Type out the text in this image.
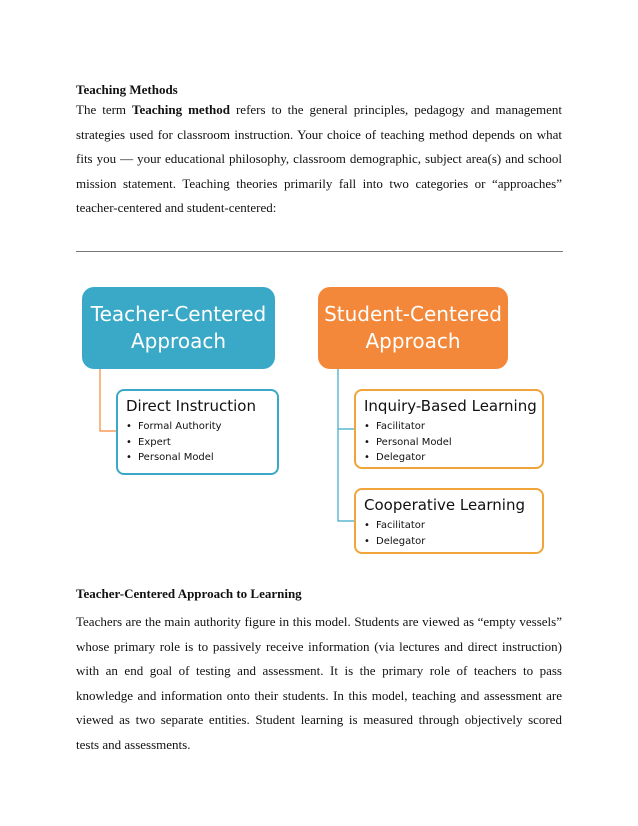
Teaching Methods

The term Teaching method refers to the general principles, pedagogy and management strategies used for classroom instruction. Your choice of teaching method depends on what fits you — your educational philosophy, classroom demographic, subject area(s) and school mission statement. Teaching theories primarily fall into two categories or “approaches” teacher-centered and student-centered:

Teacher-Centered Approach
Student-Centered Approach
Direct Instruction
• Formal Authority
• Expert
• Personal Model
Inquiry-Based Learning
• Facilitator
• Personal Model
• Delegator
Cooperative Learning
• Facilitator
• Delegator
Teacher-Centered Approach to Learning

Teachers are the main authority figure in this model. Students are viewed as “empty vessels” whose primary role is to passively receive information (via lectures and direct instruction) with an end goal of testing and assessment. It is the primary role of teachers to pass knowledge and information onto their students. In this model, teaching and assessment are viewed as two separate entities. Student learning is measured through objectively scored tests and assessments.
